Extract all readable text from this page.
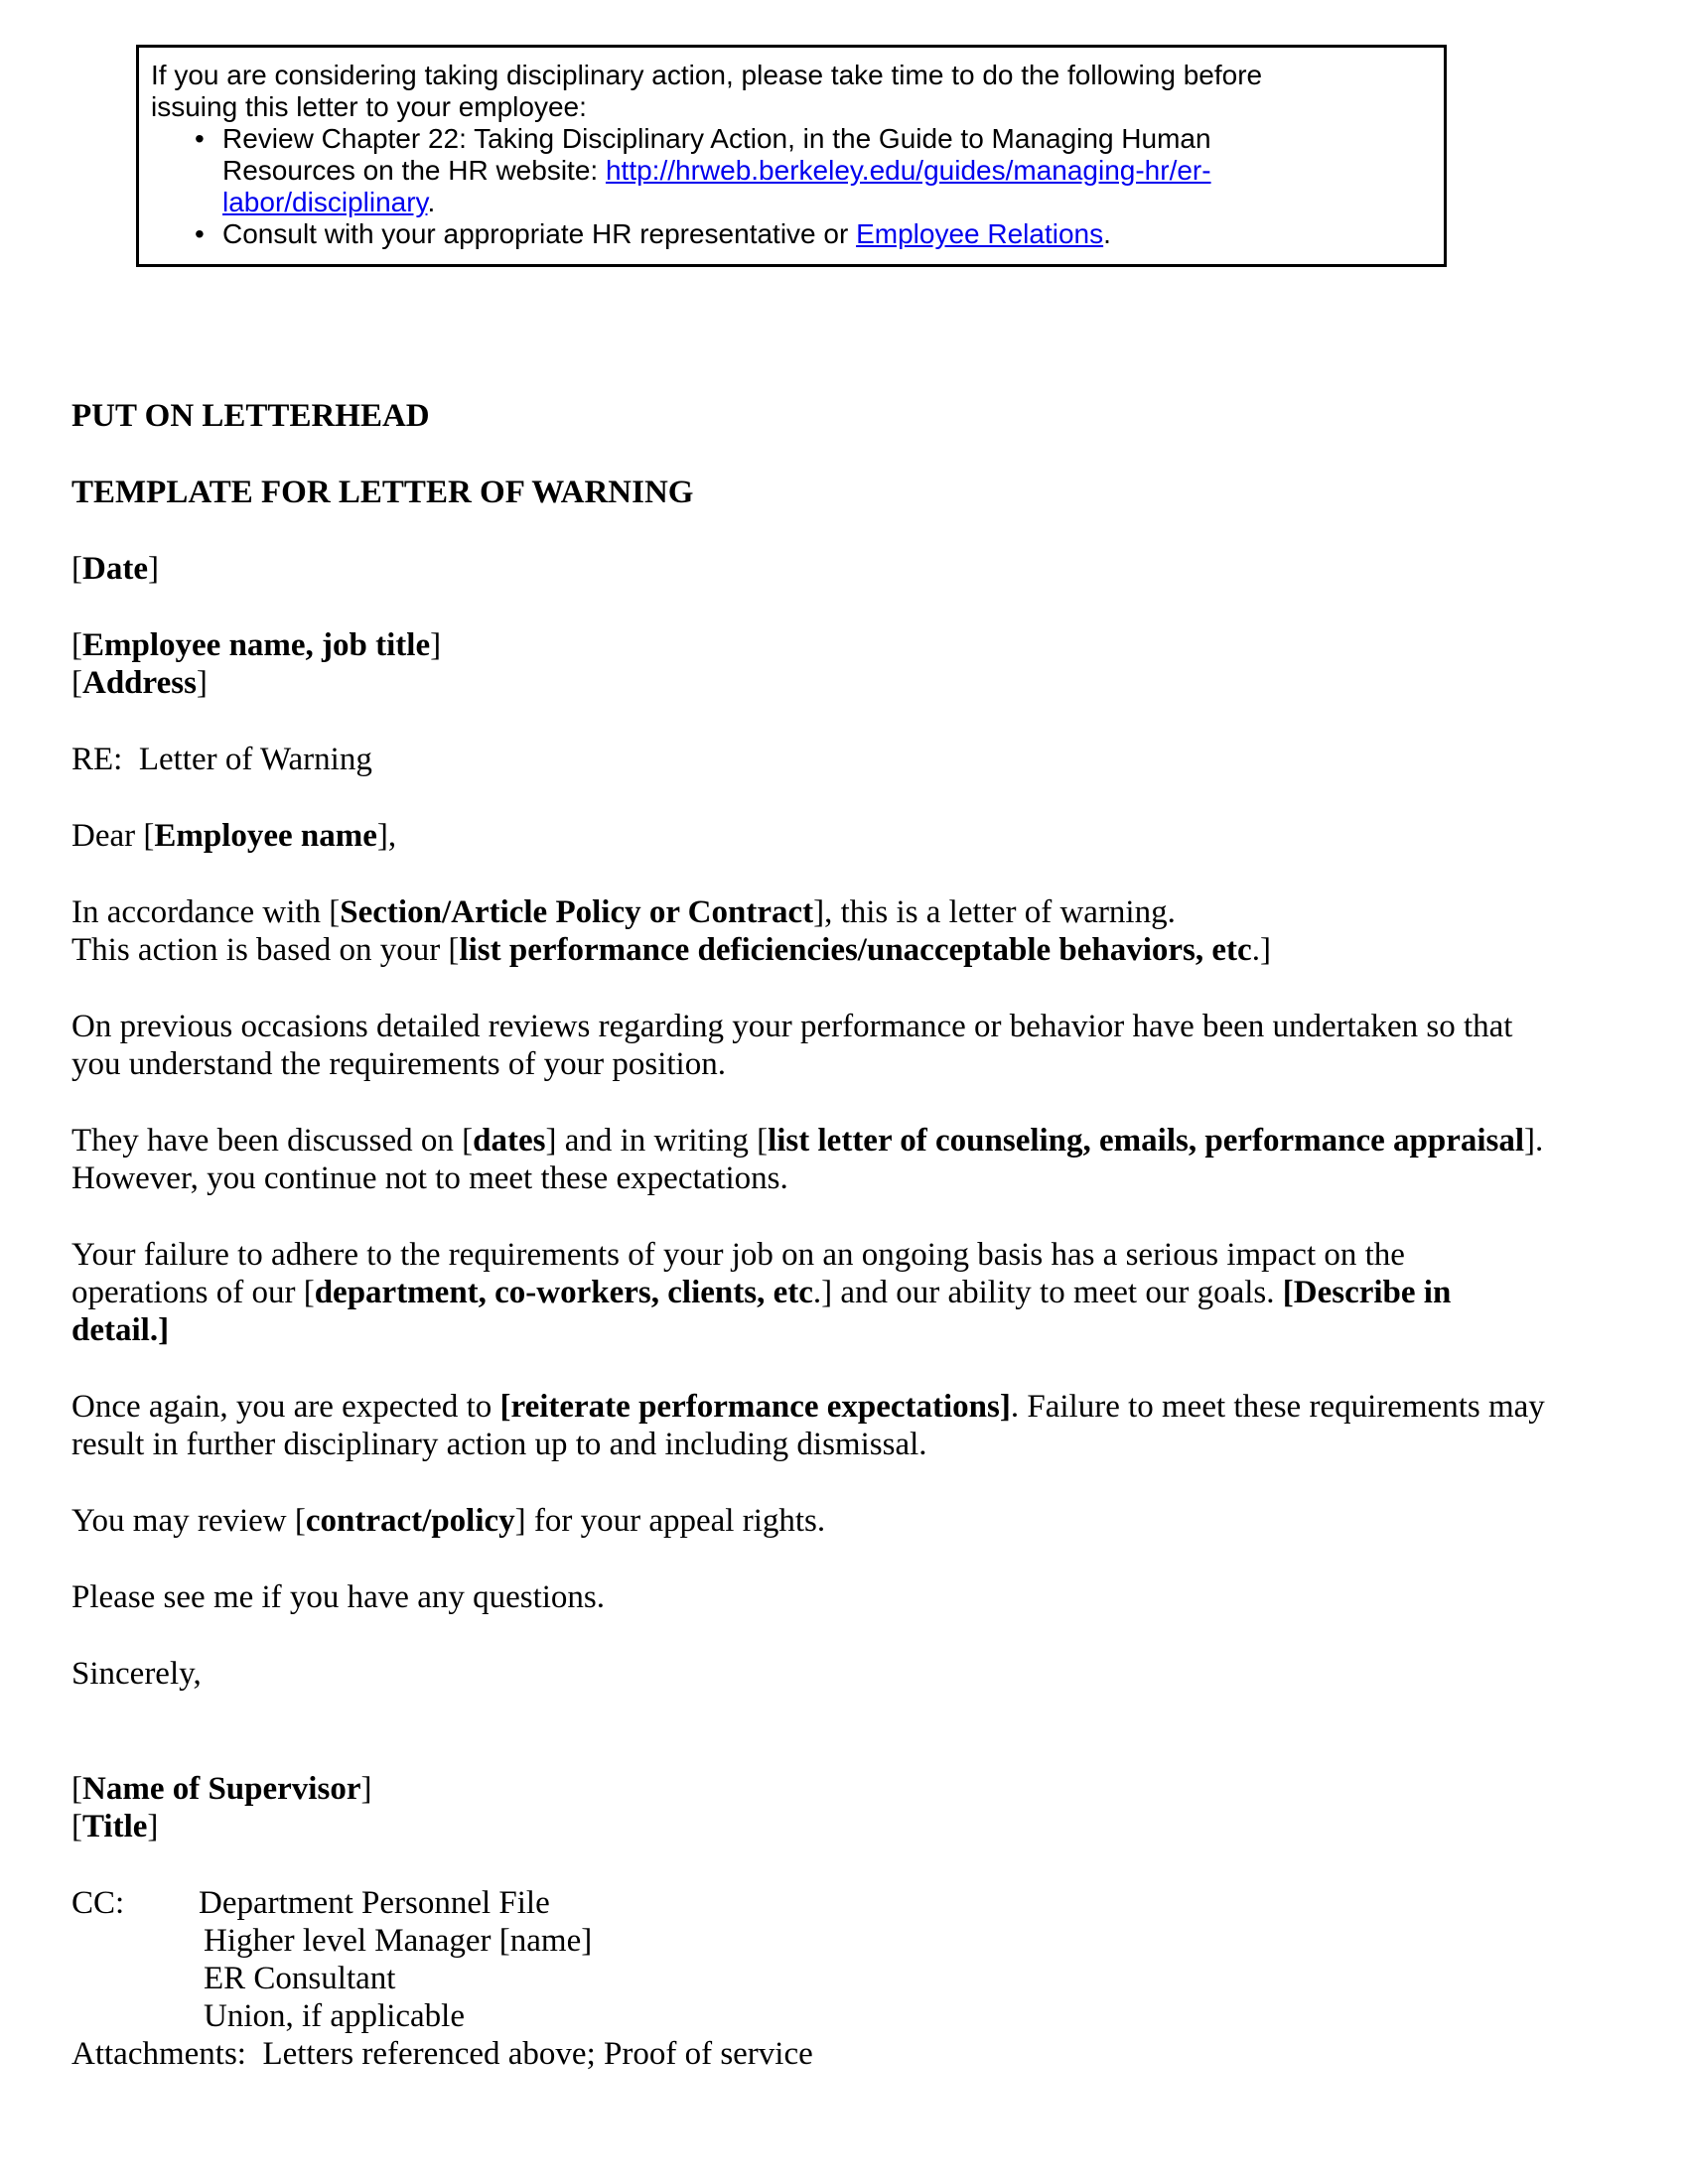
If you are considering taking disciplinary action, please take time to do the following before
issuing this letter to your employee:
• Review Chapter 22: Taking Disciplinary Action, in the Guide to Managing Human
Resources on the HR website: http://hrweb.berkeley.edu/guides/managing-hr/er-
labor/disciplinary.
• Consult with your appropriate HR representative or Employee Relations.

PUT ON LETTERHEAD

TEMPLATE FOR LETTER OF WARNING

[Date]

[Employee name, job title]
[Address]

RE:  Letter of Warning

Dear [Employee name],

In accordance with [Section/Article Policy or Contract], this is a letter of warning.
This action is based on your [list performance deficiencies/unacceptable behaviors, etc.]

On previous occasions detailed reviews regarding your performance or behavior have been undertaken so that
you understand the requirements of your position.

They have been discussed on [dates] and in writing [list letter of counseling, emails, performance appraisal].
However, you continue not to meet these expectations.

Your failure to adhere to the requirements of your job on an ongoing basis has a serious impact on the
operations of our [department, co-workers, clients, etc.] and our ability to meet our goals. [Describe in
detail.]

Once again, you are expected to [reiterate performance expectations]. Failure to meet these requirements may
result in further disciplinary action up to and including dismissal.

You may review [contract/policy] for your appeal rights.

Please see me if you have any questions.

Sincerely,

[Name of Supervisor]
[Title]

CC: Department Personnel File
Higher level Manager [name]
ER Consultant
Union, if applicable
Attachments:  Letters referenced above; Proof of service
